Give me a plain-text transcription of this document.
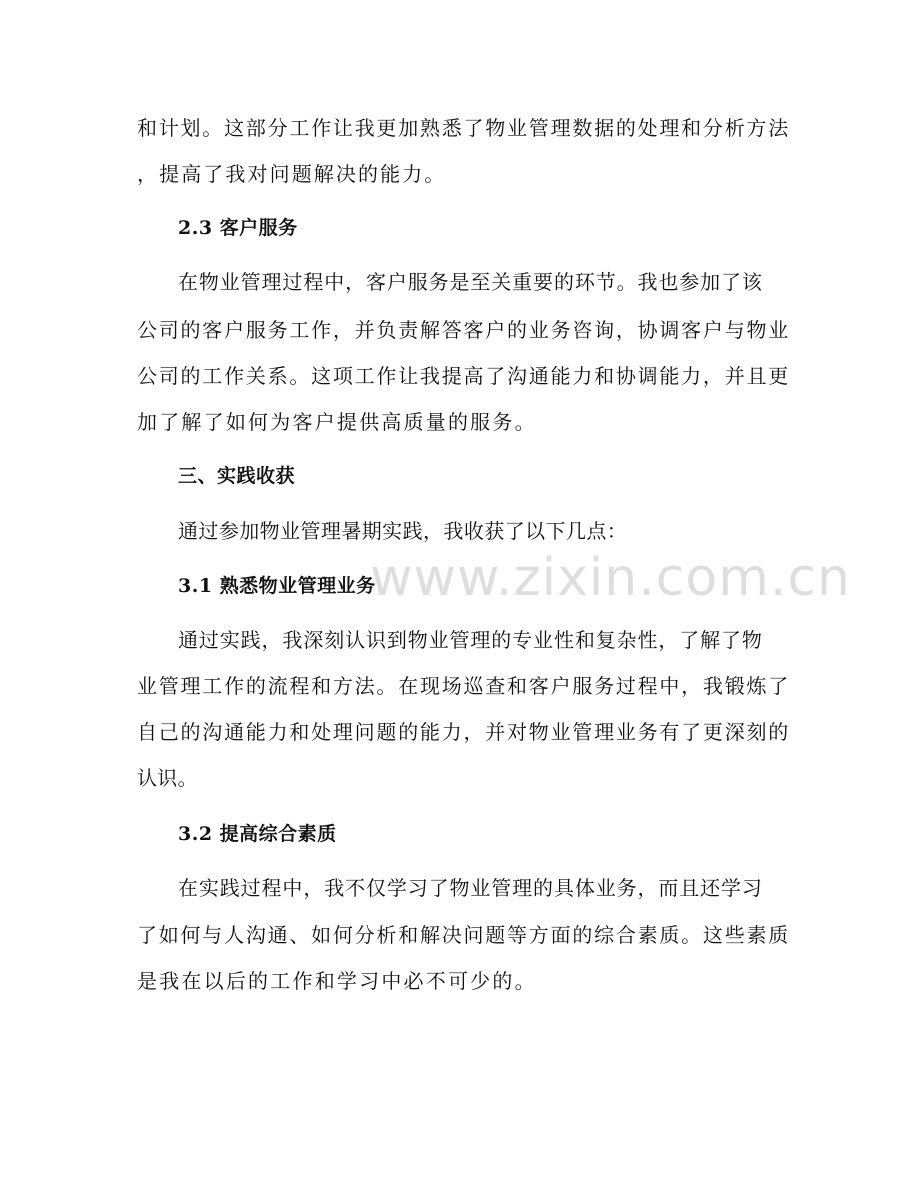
和计划。这部分工作让我更加熟悉了物业管理数据的处理和分析方法
，提高了我对问题解决的能力。
2.3 客户服务
在物业管理过程中，客户服务是至关重要的环节。我也参加了该
公司的客户服务工作，并负责解答客户的业务咨询，协调客户与物业
公司的工作关系。这项工作让我提高了沟通能力和协调能力，并且更
加了解了如何为客户提供高质量的服务。
三、实践收获
通过参加物业管理暑期实践，我收获了以下几点：
3.1 熟悉物业管理业务
通过实践，我深刻认识到物业管理的专业性和复杂性，了解了物
业管理工作的流程和方法。在现场巡查和客户服务过程中，我锻炼了
自己的沟通能力和处理问题的能力，并对物业管理业务有了更深刻的
认识。
3.2 提高综合素质
在实践过程中，我不仅学习了物业管理的具体业务，而且还学习
了如何与人沟通、如何分析和解决问题等方面的综合素质。这些素质
是我在以后的工作和学习中必不可少的。
www.zixin.com.cn
